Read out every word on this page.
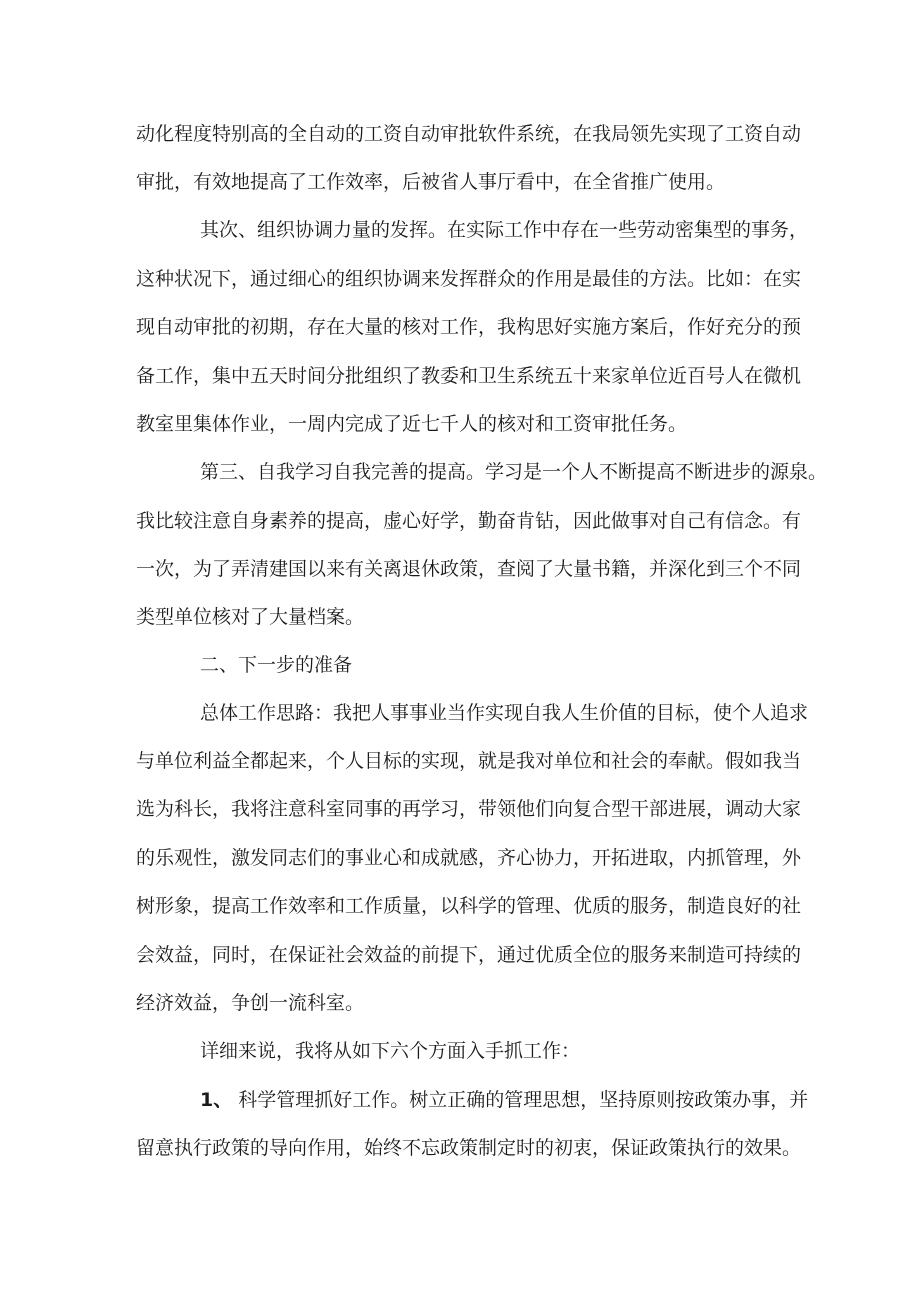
动化程度特别高的全自动的工资自动审批软件系统，在我局领先实现了工资自动
审批，有效地提高了工作效率，后被省人事厅看中，在全省推广使用。
其次、组织协调力量的发挥。在实际工作中存在一些劳动密集型的事务，
这种状况下，通过细心的组织协调来发挥群众的作用是最佳的方法。比如：在实
现自动审批的初期，存在大量的核对工作，我构思好实施方案后，作好充分的预
备工作，集中五天时间分批组织了教委和卫生系统五十来家单位近百号人在微机
教室里集体作业，一周内完成了近七千人的核对和工资审批任务。
第三、自我学习自我完善的提高。学习是一个人不断提高不断进步的源泉。
我比较注意自身素养的提高，虚心好学，勤奋肯钻，因此做事对自己有信念。有
一次，为了弄清建国以来有关离退休政策，查阅了大量书籍，并深化到三个不同
类型单位核对了大量档案。
二、下一步的准备
总体工作思路：我把人事事业当作实现自我人生价值的目标，使个人追求
与单位利益全都起来，个人目标的实现，就是我对单位和社会的奉献。假如我当
选为科长，我将注意科室同事的再学习，带领他们向复合型干部进展，调动大家
的乐观性，激发同志们的事业心和成就感，齐心协力，开拓进取，内抓管理，外
树形象，提高工作效率和工作质量，以科学的管理、优质的服务，制造良好的社
会效益，同时，在保证社会效益的前提下，通过优质全位的服务来制造可持续的
经济效益，争创一流科室。
详细来说，我将从如下六个方面入手抓工作：
1、 科学管理抓好工作。树立正确的管理思想，坚持原则按政策办事，并
留意执行政策的导向作用，始终不忘政策制定时的初衷，保证政策执行的效果。
